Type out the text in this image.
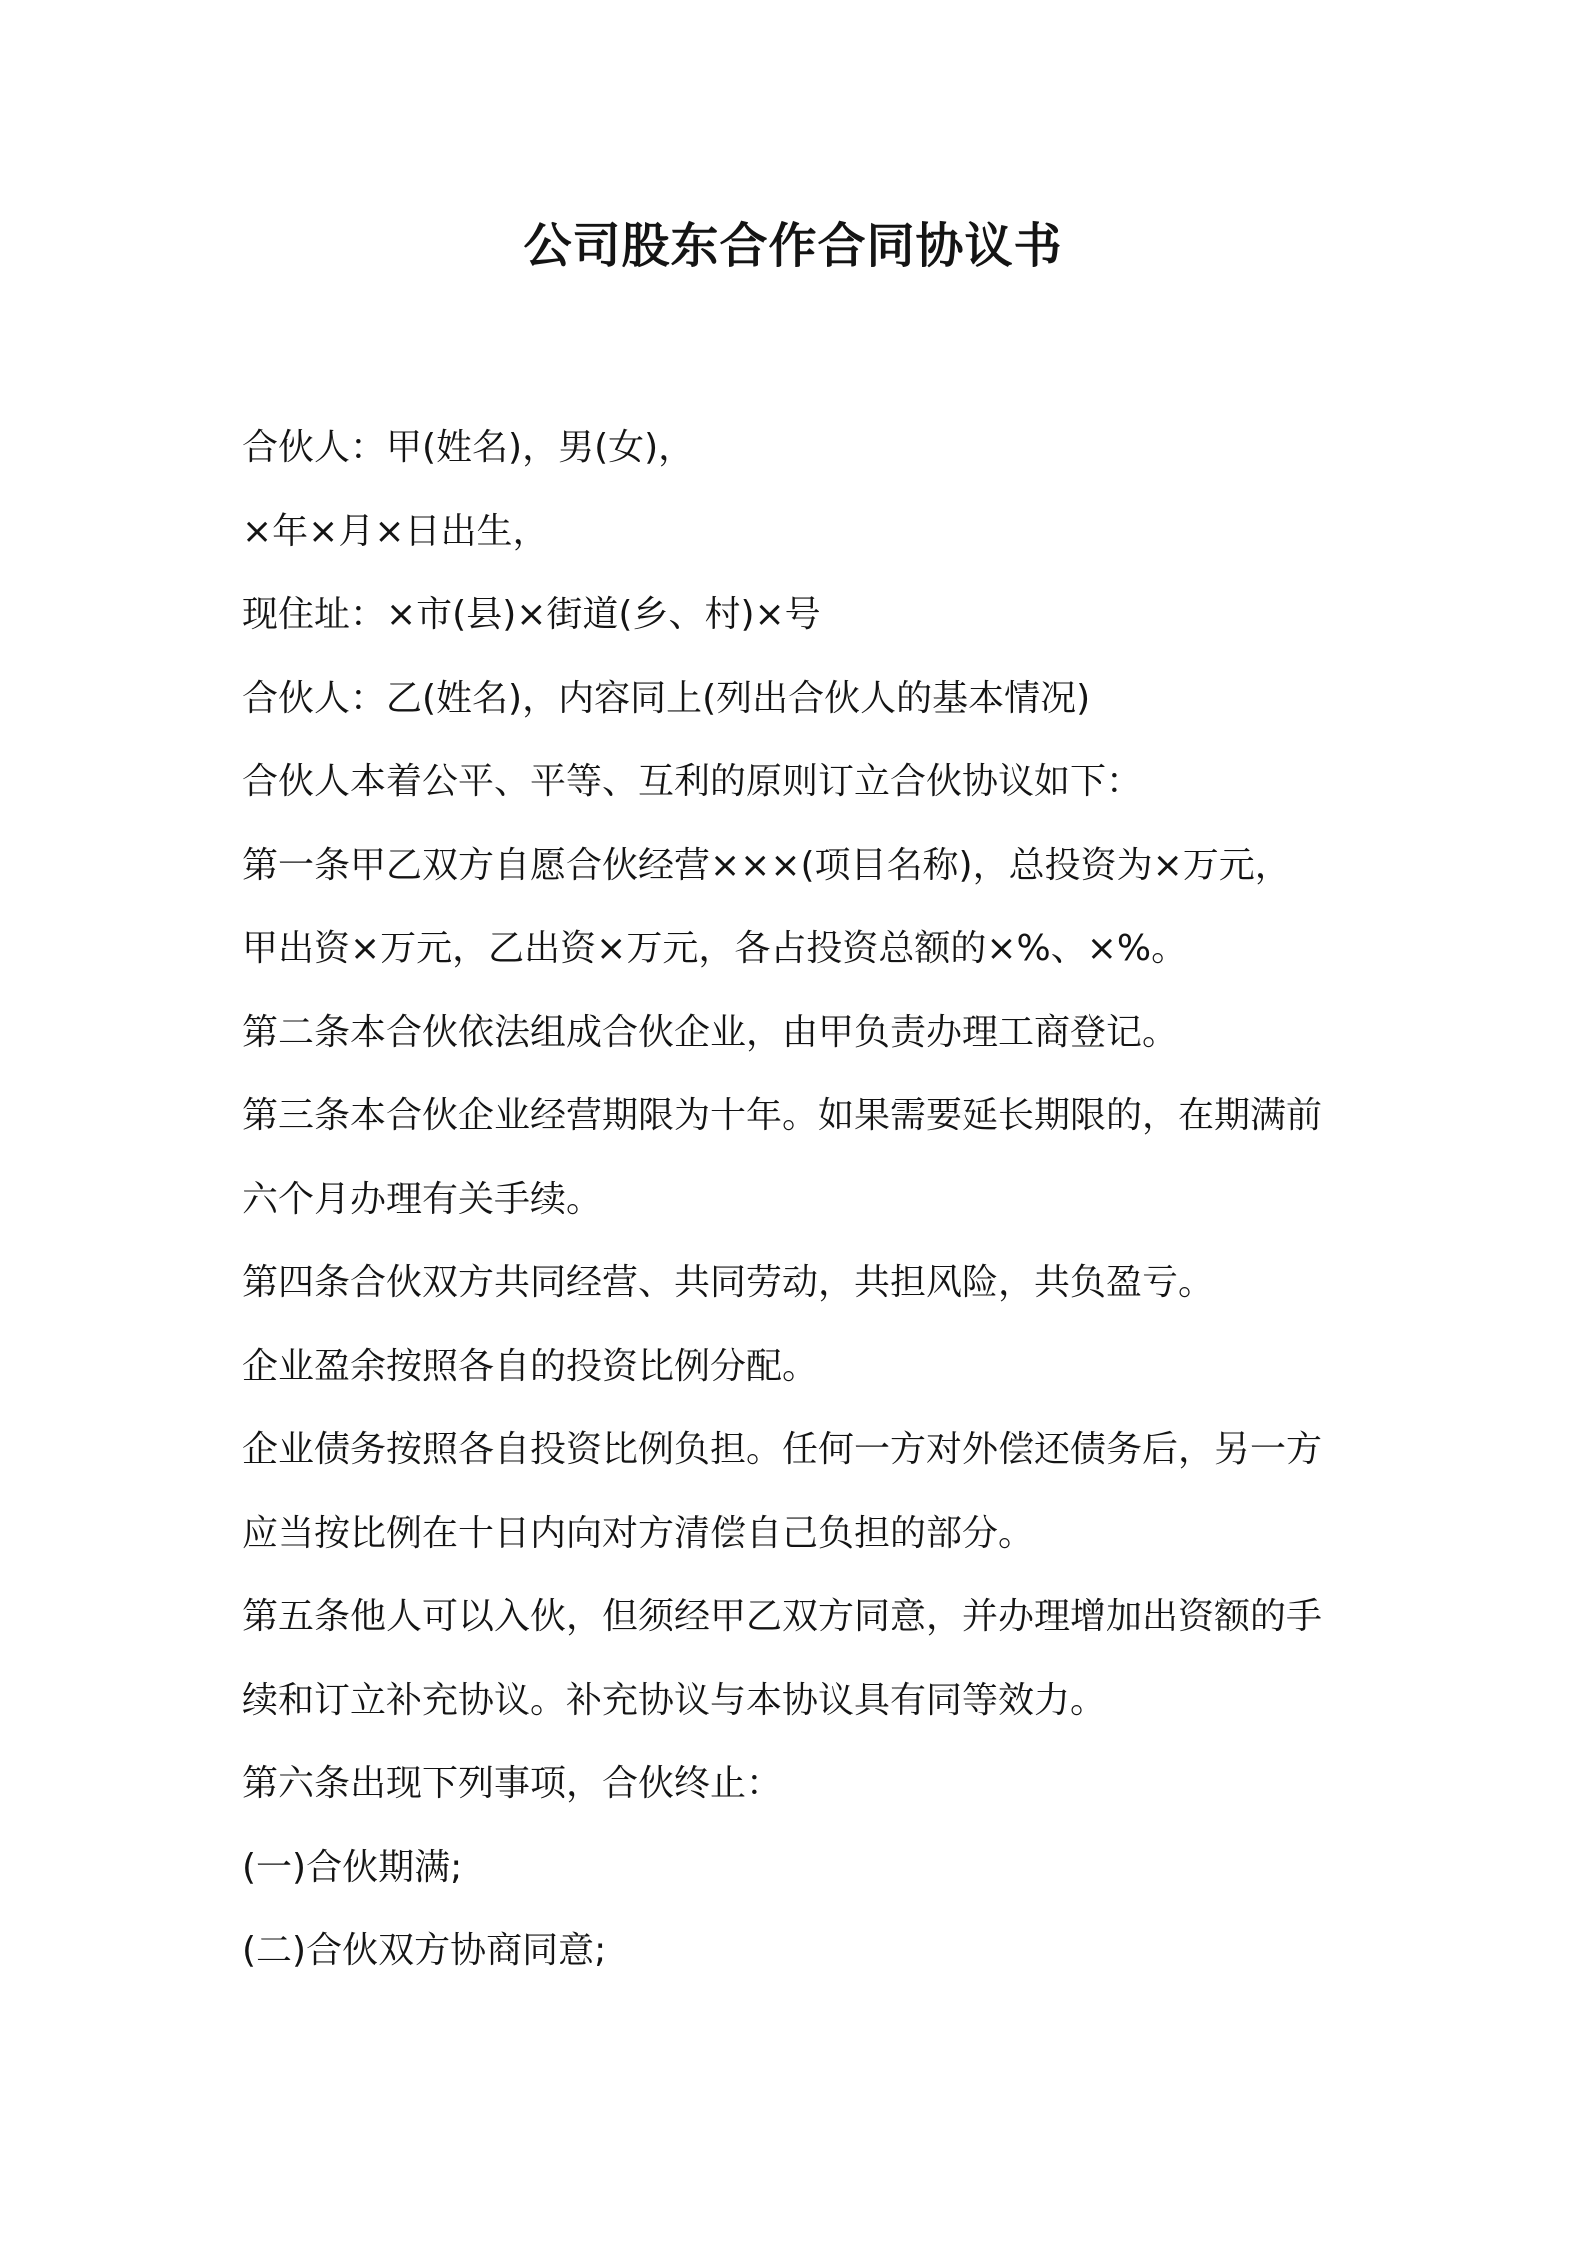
公司股东合作合同协议书
合伙人：甲(姓名)，男(女)，
×年×月×日出生，
现住址：×市(县)×街道(乡、村)×号
合伙人：乙(姓名)，内容同上(列出合伙人的基本情况)
合伙人本着公平、平等、互利的原则订立合伙协议如下：
第一条甲乙双方自愿合伙经营×××(项目名称)，总投资为×万元，
甲出资×万元，乙出资×万元，各占投资总额的×%、×%。
第二条本合伙依法组成合伙企业，由甲负责办理工商登记。
第三条本合伙企业经营期限为十年。如果需要延长期限的，在期满前
六个月办理有关手续。
第四条合伙双方共同经营、共同劳动，共担风险，共负盈亏。
企业盈余按照各自的投资比例分配。
企业债务按照各自投资比例负担。任何一方对外偿还债务后，另一方
应当按比例在十日内向对方清偿自己负担的部分。
第五条他人可以入伙，但须经甲乙双方同意，并办理增加出资额的手
续和订立补充协议。补充协议与本协议具有同等效力。
第六条出现下列事项，合伙终止：
(一)合伙期满;
(二)合伙双方协商同意;
